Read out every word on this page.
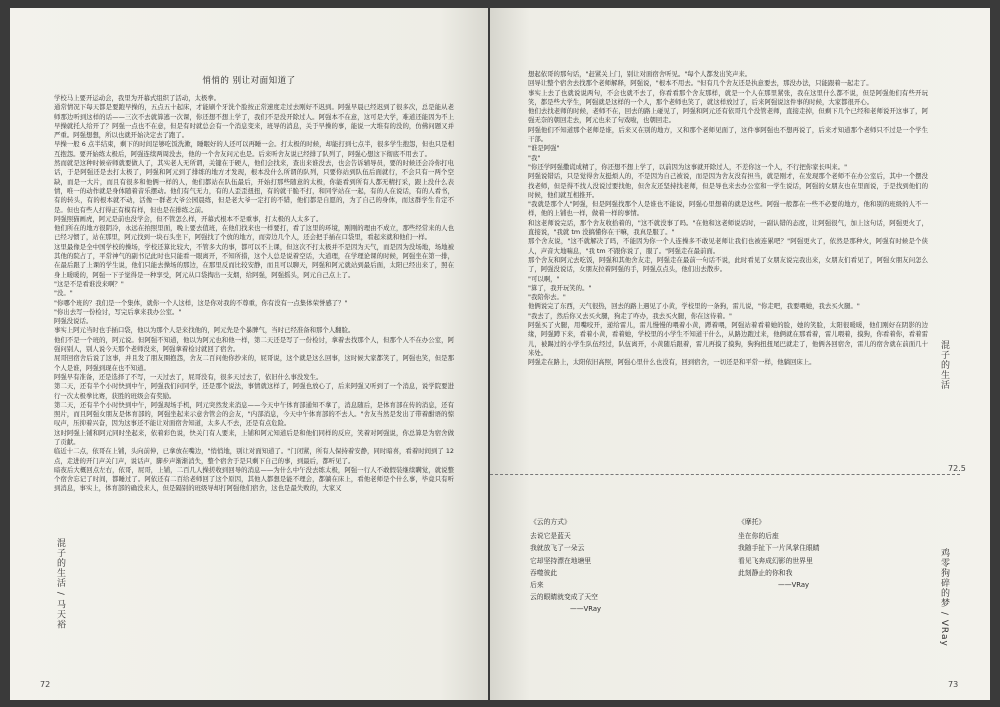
悄悄的 别让对面知道了

学校马上要开运动会，我里为开幕式组织了活动，太极拳。

通常情况下每天都是要跑早操的，五点五十起床，才能刷个牙洗个脸按正常速度走过去刚好不迟到。阿强早晨已经迟到了很多次，总是能从老师那边听到这样的话——三次不去就算逃一次课，你还想不想上学了，我们不是没开除过人。阿强本不在意，这可是大学，难道还能因为不上早操就托人给开了？阿强一点也不在意，但是有时就总会有一个消息变来，班导的消息，关于早操的事，能说一大堆有的没的，仿佛问题又并严重。阿强想想，所以也就开始决定去了跑了。

早操一般 6 点半结束，剩下的时间足够吃饭洗漱，睡眠好的人还可以再睡一会。打太极的时候，却能打到七点半，很多学生抱怨，但也只是相互抱怨。要开始练太极后，阿强连续两周没去，他的一个舍友问元也是。后来听舍友说已经排了队列了，阿强心想这下彻底不用去了。

然而就是这种时候帝师就要做人了，其实老人无所谓，关键在于硬人，他们会找来，查出来谁没去，也会告诉辅导员，要的时候还会冷你打电话，于是阿强还是去打太极了，阿强和阿元到了排练的地方才发现，根本没什么所谓的队列，只要你站到队伍后面就行，不会只有一两个空缺，而是一大片，而且有很多和他俩一样的人，他们都站在队伍最后，开始打那些随意的太极，你能看到所有人都无精打采，跟上没什么表情，唯一的动作就是身体随着音乐摆动。他们有气无力，有的人歪歪扭扭，有的就干脆不打，和同学站在一起，有的人在说话，有的人看书，有的转头，有的根本就不动，活像一群老大爷公园晨练，但是老大爷一定打的不错，他们都是自愿的，为了自己的身体，而这群学生肯定不是。但也有些人打得正有模有样，但也是在排练之前。

阿强照猫画虎，阿元是前也没学会，但不管怎么样，开幕式根本不是重事，打太极的人太多了。

他们所在的地方很阴冷，永远在拍照里面，晚上要去值班，在他们找来也一样要打，看了这里的环境，刚刚的理由不成立，那些经常来的人也已经习惯了，站在那里，阿元找到一块石头坐下，阿强找了个放的地方，而旁边几个人，还会把手插在口袋里，看起来就和他们一样。

这里最像是全中国学校的操场，学校还算比较大，不管多大的事，都可以不上课，但这次不打太极并不是因为天气，而是因为没场地，场地被其他的院占了，平常神气的副书记此时也只能看一眼离开，不知所措，这个人总是说着空话，大道理，在学理论课的时候，阿强坐在第一排，在最后跟了上课的学生说，他们只能去操场的那边，在那里反而比较安静，而且可以聊天，阿强和阿元就站到最后面，太阳已经出来了，照在身上暖暖的，阿强一下子觉得是一种享受，阿元从口袋掏出一支烟，给阿强，阿强摇头，阿元自己点上了。

"这是不是看谁没来啊？"

"没。"

"你哪个班的？我们是一个集体，就你一个人这样，这是你对我的不尊重，你有没有一点集体荣誉感了？"

"你出去写一份检讨，写完后拿来我办公室。"

阿强没说话。

事实上阿元当时也手插口袋，他以为那个人是来找他的，阿元先是个暴脾气，当时已经准备和那个人翻脸。

他们不是一个班的，阿元说。但阿强不知道，他以为阿元也和他一样，第二天还是写了一份检讨，拿着去找那个人，但那个人不在办公室，阿强问别人，别人说今天那个老师没来，阿强拿着检讨就回了宿舍。

屁哥回宿舍后说了这事，并且发了朋友圈抱怨，舍友二百问他你抄来的，屁哥说，这个就是这么回事，这时候大家都笑了，阿强也笑，但是那个人是谁，阿强到现在也不知道。

阿强早有准备，还是选择了不写，一天过去了，屁哥没有，很多天过去了，依旧什么事没发生。

第二天，还有半个小时快到中午，阿强我们问同学，还是那个说法，事情就这样了，阿强也放心了，后来阿强又听到了一个消息，说学院要进行一次太极拳比赛，获胜的班级会有奖励。

第二天，还有半个小时快到中午，阿强现场手机，阿元突然发来消息——今天中午体育部通知不拿了，消息随后，是体育部在传的消息，还有照片，而且阿强女朋友是体育部的，阿强坐起来示意舍管会的会友，"内部消息，今天中午体育部的不去人。"舍友当然是发出了带着酣语的惊叹声，压抑着兴奋，因为这事还不能让对面宿舍知道，太多人不去，还是有点危险。

这时阿强上铺和阿元同时坐起来，依着彩色说，快关门有人要来，上铺和阿元知道后是和他们同样的反应，笑着对阿强说，你总算是为宿舍做了贡献。

临近十二点，依哥在上铺，头向前伸，已拿放在嘴边，"悄悄地，别让对面知道了。"门闭紧，所有人保持着安静，同时暗喜，看着时间到了 12 点，走进的开门声关门声，说话声，脚步声渐渐消失，整个宿舍于是只剩下自己的事，到最后，都听见了。

暗夜后大概回点左右，依哥，屁哥，上铺，二百几人操搓收到回导的消息——为什么中午没去练太极，阿强一行人不敢假装继续瞒觉，就说整个宿舍忘记了时间，都睡过了。阿依还有二百给老师回了这个原因，其他人都想是能不理会，都躺在床上，看他老师是个什么事，毕竟只有听到消息，事实上，体育部的确没来人，但是隔别的班级导却打阿强他们宿舍，这也是最失败的，大家又

混子的生活 / 马天裕
72

想起依哥的那句话，"赶紧关上门，别让对面宿舍听见。"每个人都发出笑声来。

回导让整个宿舍去找那个老师解释，阿强说，"根本不用去。"但有几个舍友还是执意要去，那没办法，只能跟着一起走了。

事实上去了也就说说两句，不会也就不去了，你看看那个舍友那样，就是一个人在那里紧张，我在这里什么都不说，但是阿强他们有些开玩笑，都是些大学生，阿强就是这样的一个人，那个老师也笑了，就这样放过了，后来阿强说这件事的时候，大家都很开心。

他们去找老师的时候，老师不在，回去的路上碰见了，阿强和阿元还有依哥几个没管老师，直接走掉，但剩下几个已经和老师说开这事了，阿强无奈的朝回走去，阿元也来了句戏啦，也朝回走。

阿强他们不知道那个老师是谁，后来又在别的地方，又和那个老师见面了，这件事阿强也不想再说了，后来才知道那个老师只不过是一个学生干部。

"谁是阿强"

"我"

"你还学阿强撒谎成精了，你还想不想上学了，以前因为这事就开除过人，不差你这一个人，不行把你家长叫来。"

阿强说错话，只是觉得舍友挺烦人的，不是因为自己被说，而是因为舍友没有担当，就是刚才，在发现那个老师不在办公室后，其中一个摆没找老师，但是得不找人没说过要找他，但舍友还坚持找老师，但是导也来去办公室和一学生说话，阿强的女朋友也在里面说，于是找到他们的时候，他们就互相推开。

"我就是那个人"阿强，但是阿强找那个人是谁也不能说，阿强心里想着的就是这些。阿强一般都在一些不必要的地方，他和别的班级的人不一样，他的上铺也一样，做着一样的事情。

和这老师说完话，那个舍友收拾着的，"这不就没事了吗。"在他和这老师说话时，一副认错的态度，让阿强很气，加上这句话，阿强更火了，直接说，"我就 tm 没搞懂你在干嘛，我真是服了。"

那个舍友说，"这不就解决了吗，不能因为你一个人连操多不敢见老师让我们也被连累吧？"阿强更火了，依然是那种火，阿强有时候是个侠人，声音大地喘息，"我 tm 不跟你说了，服了。"阿强走在最前面。

那个舍友和阿元去吃饭，阿强和其他舍友走，阿强走在最前一句话不说，此时看见了女朋友说完我出来，女朋友们看见了，阿强女朋友问怎么了，阿强没说话，女朋友拉着阿强的手，阿强点点头，他们出去散步。

"可以啊，"

"算了，我开玩笑的。"

"我陪你去。"

他俩说完了东西，天气很热，回去的路上遇见了小黄，学校里的一条狗，雷儿说，"你走吧，我要喂她，我去买火腿。"

"我去了，然后你又去买火腿，狗走了咋办，我去买火腿，你在这待着。"

阿强买了火腿，用嘴咬开，递给雷儿，雷儿慢慢的喂着小黄，蹲着喂，阿强站着看着她的脸，她的笑脸，太阳很暖暖，他们刚好在阴影的边缘，阿强蹲下来，看着小黄，看着她，学校里的小学生不知道干什么，从路边跑过来，他俩就在那看着，雷儿喂着，摸狗，你看着你，看着雷儿，被踢过的小学生队伍经过，队伍离开，小黄随后跟着，雷儿再摸了摸狗，狗狗扭扭尾巴就走了，他俩各回宿舍，雷儿的宿舍就在前面几十米处。

阿强走在路上，太阳依旧高照，阿强心里什么也没有，回到宿舍，一切还是和平常一样，他躺回床上。	混子的生活
72.5
《云的方式》
去说它是蓝天
我就放飞了一朵云
它却坚持漂在地塘里
吞噬彼此
后来
云的眼睛就变成了天空
——VRay
《摩托》
坐在你的后座
我随手扯下一片风掌住眼睛
看见飞奔成幻影的世界里
此刻静止的你和我
——VRay	鸡零狗碎的梦 / VRay
73
